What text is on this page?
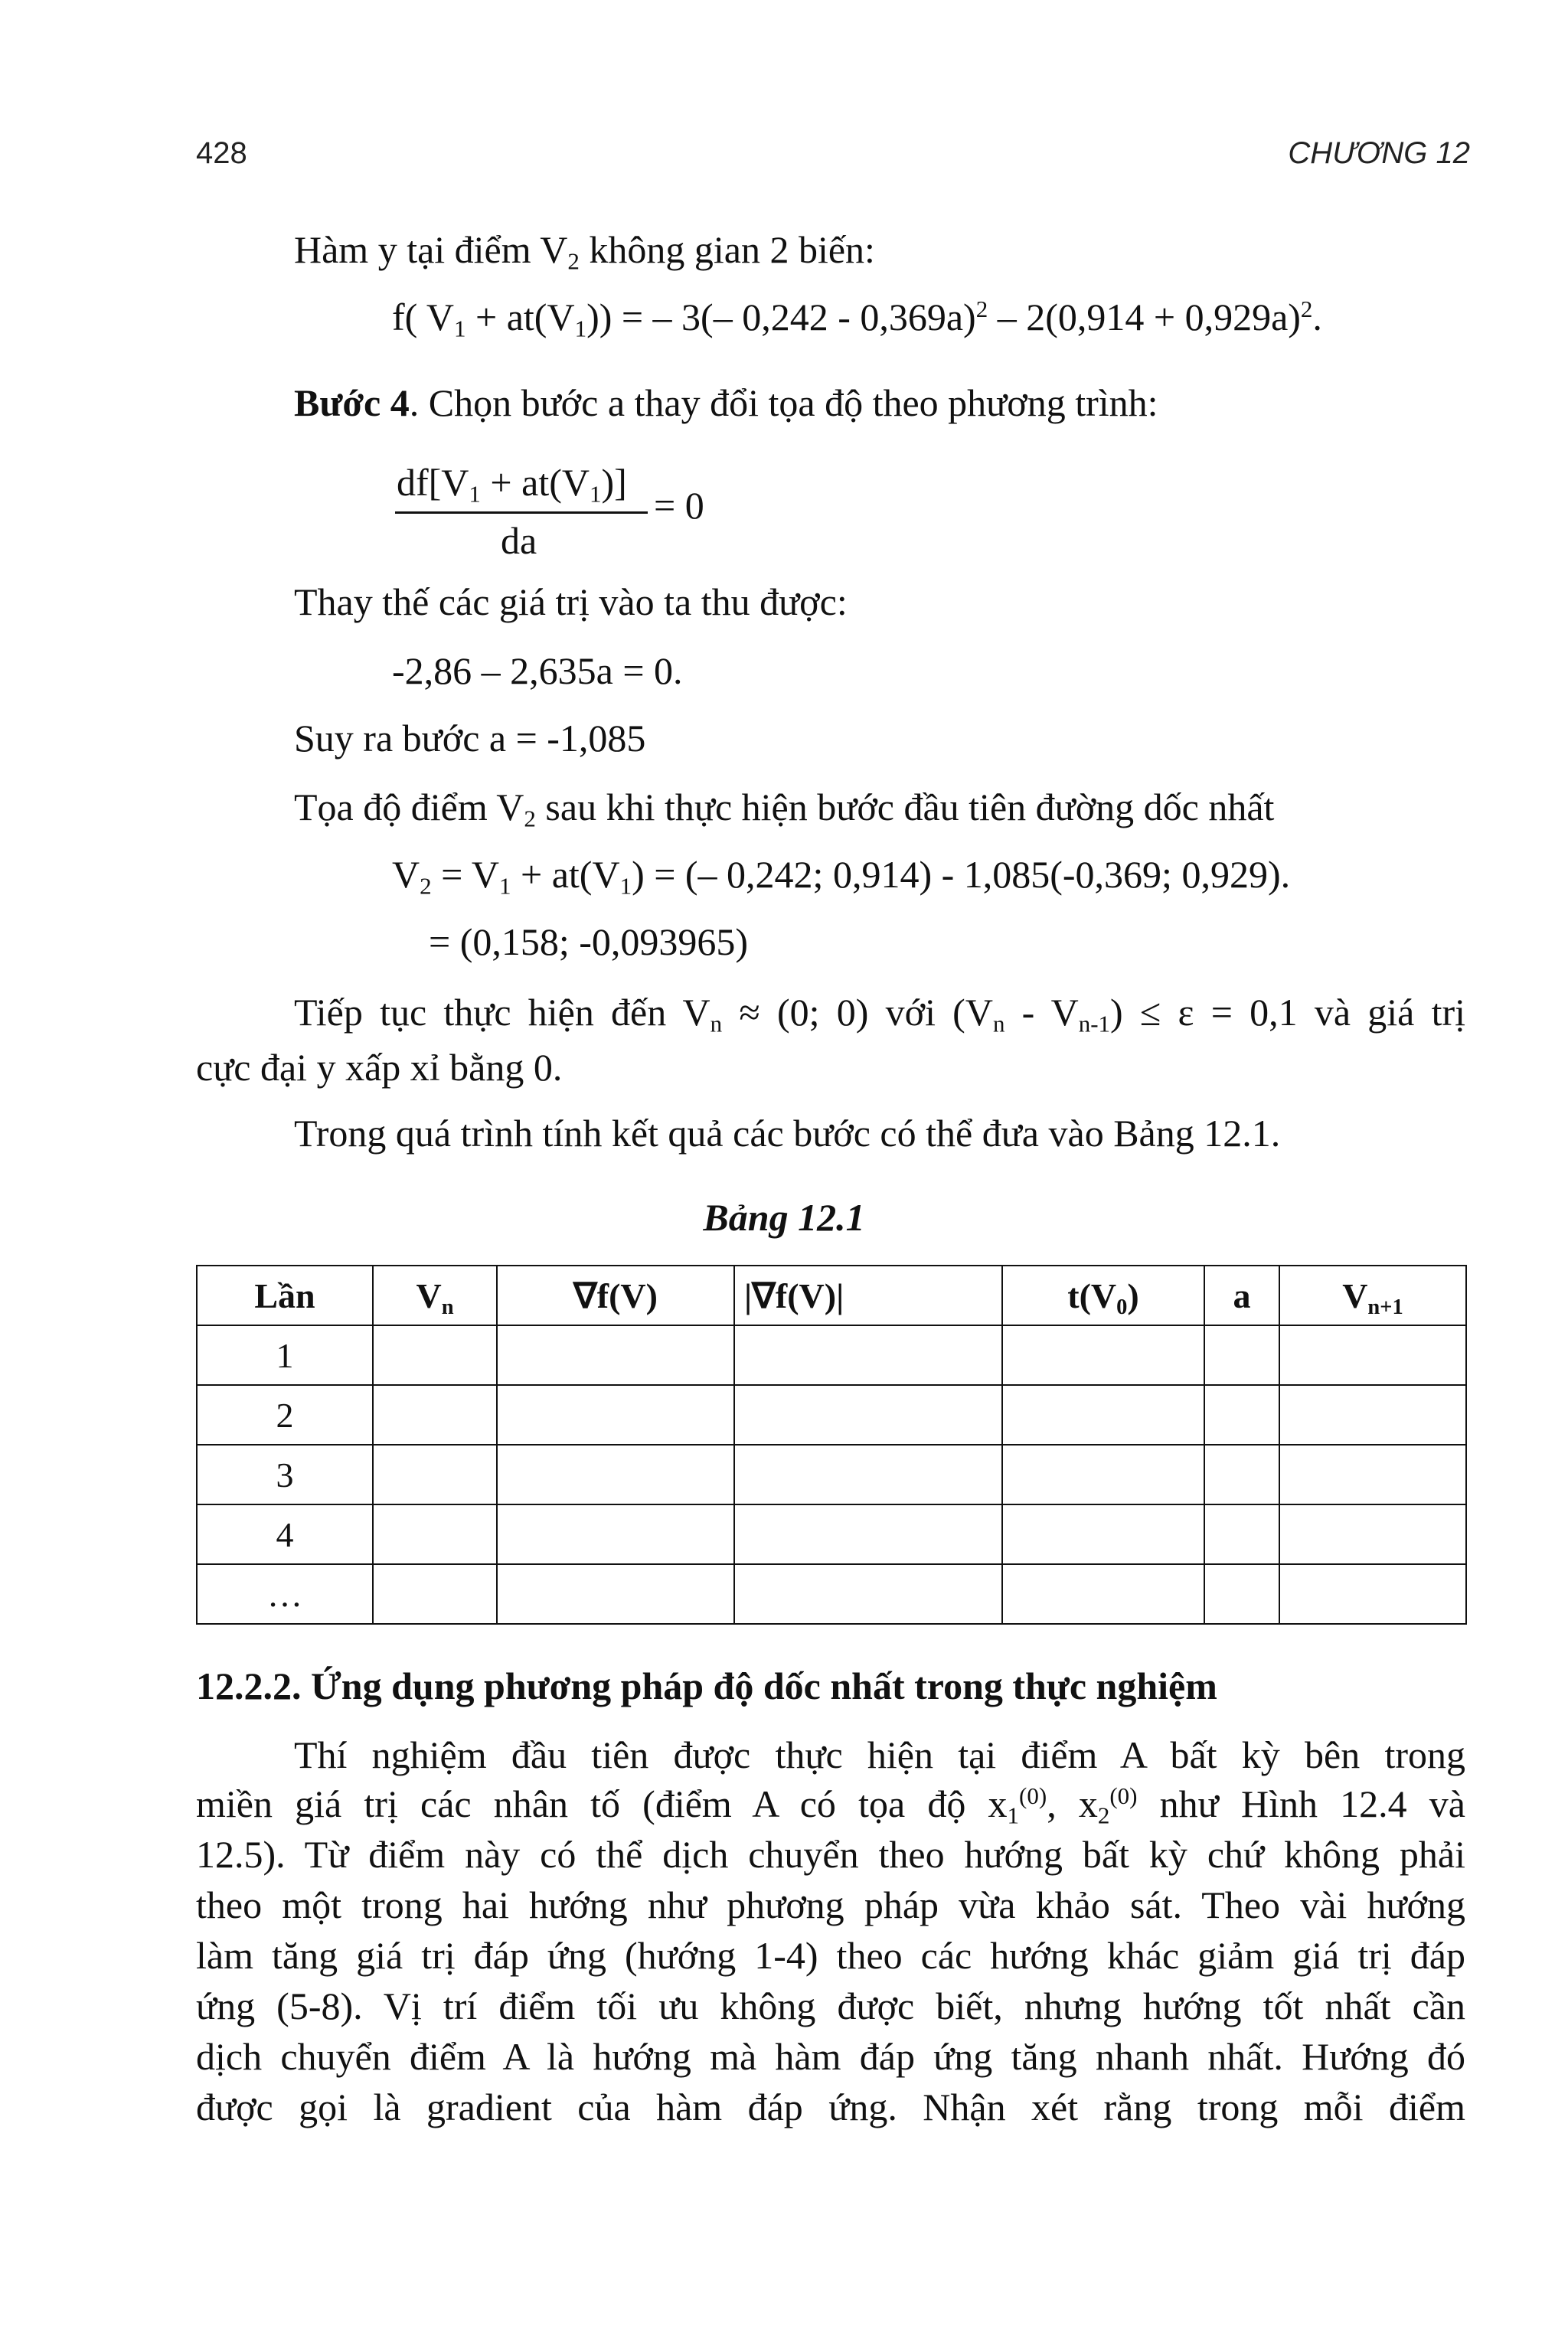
428	CHƯƠNG 12
Hàm y tại điểm $V_2$ không gian 2 biến:
f( $V_1 + at(V_1)$) = – 3(– $0,242 - 0,369a)^2 - 2(0,914 + 0,929a)^2$.
Bước 4. Chọn bước a thay đổi tọa độ theo phương trình:
$df[V_1 + at(V_1)]$
da
= 0
Thay thế các giá trị vào ta thu được:
-2,86 – 2,635a = 0.
Suy ra bước a = -1,085
Tọa độ điểm $V_2$ sau khi thực hiện bước đầu tiên đường dốc nhất
$V_2 = V_1 + at(V_1)$ = (– 0,242; 0,914) - 1,085(-0,369; 0,929).
= (0,158; -0,093965)
Tiếp tục thực hiện đến $V_n \approx (0$; 0) với $(V_n - V_{n-1}) \le \varepsilon = 0,1$ và giá trị
cực đại y xấp xỉ bằng 0.
Trong quá trình tính kết quả các bước có thể đưa vào Bảng 12.1.
Bảng 12.1
Lần	$V_n$	∇f(V)	|∇f(V)|	$t(V_0)$	a	$V_{n+1}$
1						
2						
3						
4						
…						
12.2.2. Ứng dụng phương pháp độ dốc nhất trong thực nghiệm
Thí nghiệm đầu tiên được thực hiện tại điểm A bất kỳ bên trong
miền giá trị các nhân tố (điểm A có tọa độ $x_1^{(0)}$, $x_2^{(0)}$ như Hình 12.4 và
12.5). Từ điểm này có thể dịch chuyển theo hướng bất kỳ chứ không phải
theo một trong hai hướng như phương pháp vừa khảo sát. Theo vài hướng
làm tăng giá trị đáp ứng (hướng 1-4) theo các hướng khác giảm giá trị đáp
ứng (5-8). Vị trí điểm tối ưu không được biết, nhưng hướng tốt nhất cần
dịch chuyển điểm A là hướng mà hàm đáp ứng tăng nhanh nhất. Hướng đó
được gọi là gradient của hàm đáp ứng. Nhận xét rằng trong mỗi điểm
